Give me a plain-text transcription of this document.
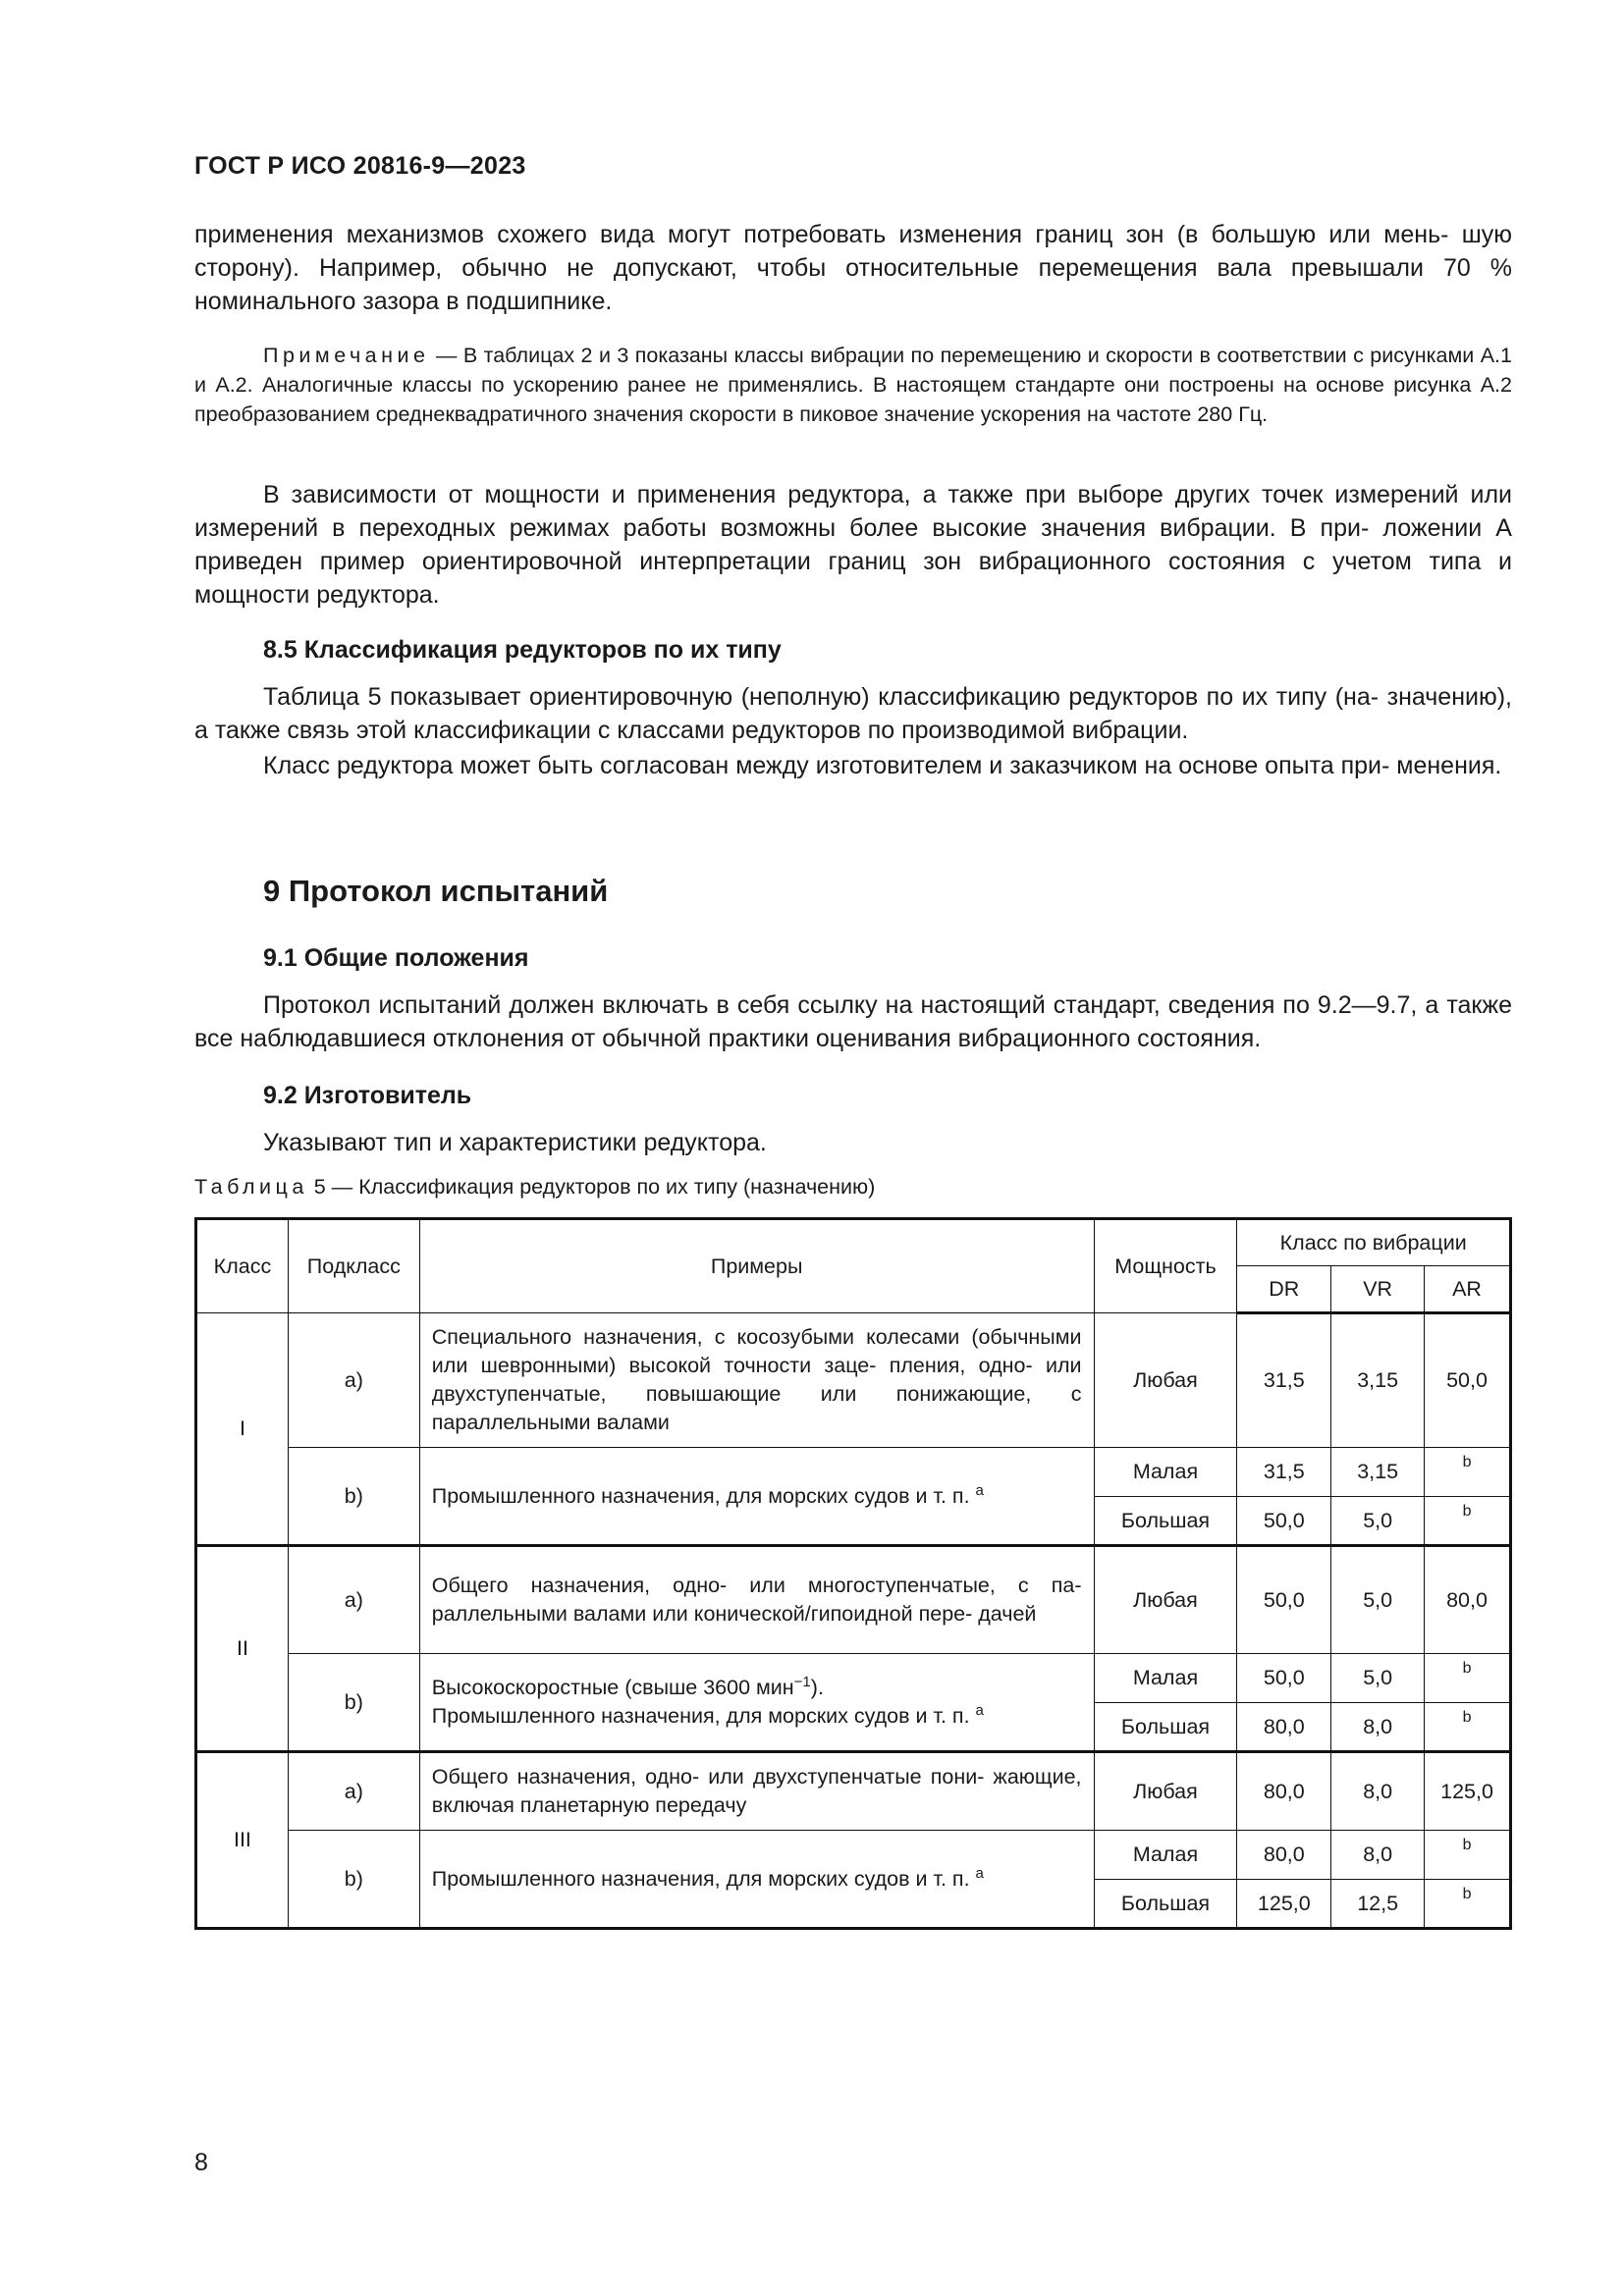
ГОСТ Р ИСО 20816-9—2023

применения механизмов схожего вида могут потребовать изменения границ зон (в большую или мень- шую сторону). Например, обычно не допускают, чтобы относительные перемещения вала превышали 70 % номинального зазора в подшипнике.

Примечание — В таблицах 2 и 3 показаны классы вибрации по перемещению и скорости в соответствии с рисунками А.1 и А.2. Аналогичные классы по ускорению ранее не применялись. В настоящем стандарте они построены на основе рисунка А.2 преобразованием среднеквадратичного значения скорости в пиковое значение ускорения на частоте 280 Гц.

В зависимости от мощности и применения редуктора, а также при выборе других точек измерений или измерений в переходных режимах работы возможны более высокие значения вибрации. В при- ложении А приведен пример ориентировочной интерпретации границ зон вибрационного состояния с учетом типа и мощности редуктора.

8.5 Классификация редукторов по их типу

Таблица 5 показывает ориентировочную (неполную) классификацию редукторов по их типу (на- значению), а также связь этой классификации с классами редукторов по производимой вибрации.

Класс редуктора может быть согласован между изготовителем и заказчиком на основе опыта при- менения.

9 Протокол испытаний

9.1 Общие положения

Протокол испытаний должен включать в себя ссылку на настоящий стандарт, сведения по 9.2—9.7, а также все наблюдавшиеся отклонения от обычной практики оценивания вибрационного состояния.

9.2 Изготовитель

Указывают тип и характеристики редуктора.

Таблица 5 — Классификация редукторов по их типу (назначению)
Класс	Подкласс	Примеры	Мощность	Класс по вибрации		
				DR	VR	AR
I	a)	Специального назначения, с косозубыми колесами (обычными или шевронными) высокой точности заце- пления, одно- или двухступенчатые, повышающие или понижающие, с параллельными валами	Любая	31,5	3,15	50,0
	b)	Промышленного назначения, для морских судов и т. п. $^a$	Малая	31,5	3,15	b
			Большая	50,0	5,0	b
II	a)	Общего назначения, одно- или многоступенчатые, с па- раллельными валами или конической/гипоидной пере- дачей	Любая	50,0	5,0	80,0
	b)	Высокоскоростные (свыше 3600 мин$^{-1}$).
Промышленного назначения, для морских судов и т. п. $^a$	Малая	50,0	5,0	b
			Большая	80,0	8,0	b
III	a)	Общего назначения, одно- или двухступенчатые пони- жающие, включая планетарную передачу	Любая	80,0	8,0	125,0
	b)	Промышленного назначения, для морских судов и т. п. $^a$	Малая	80,0	8,0	b
			Большая	125,0	12,5	b
8
